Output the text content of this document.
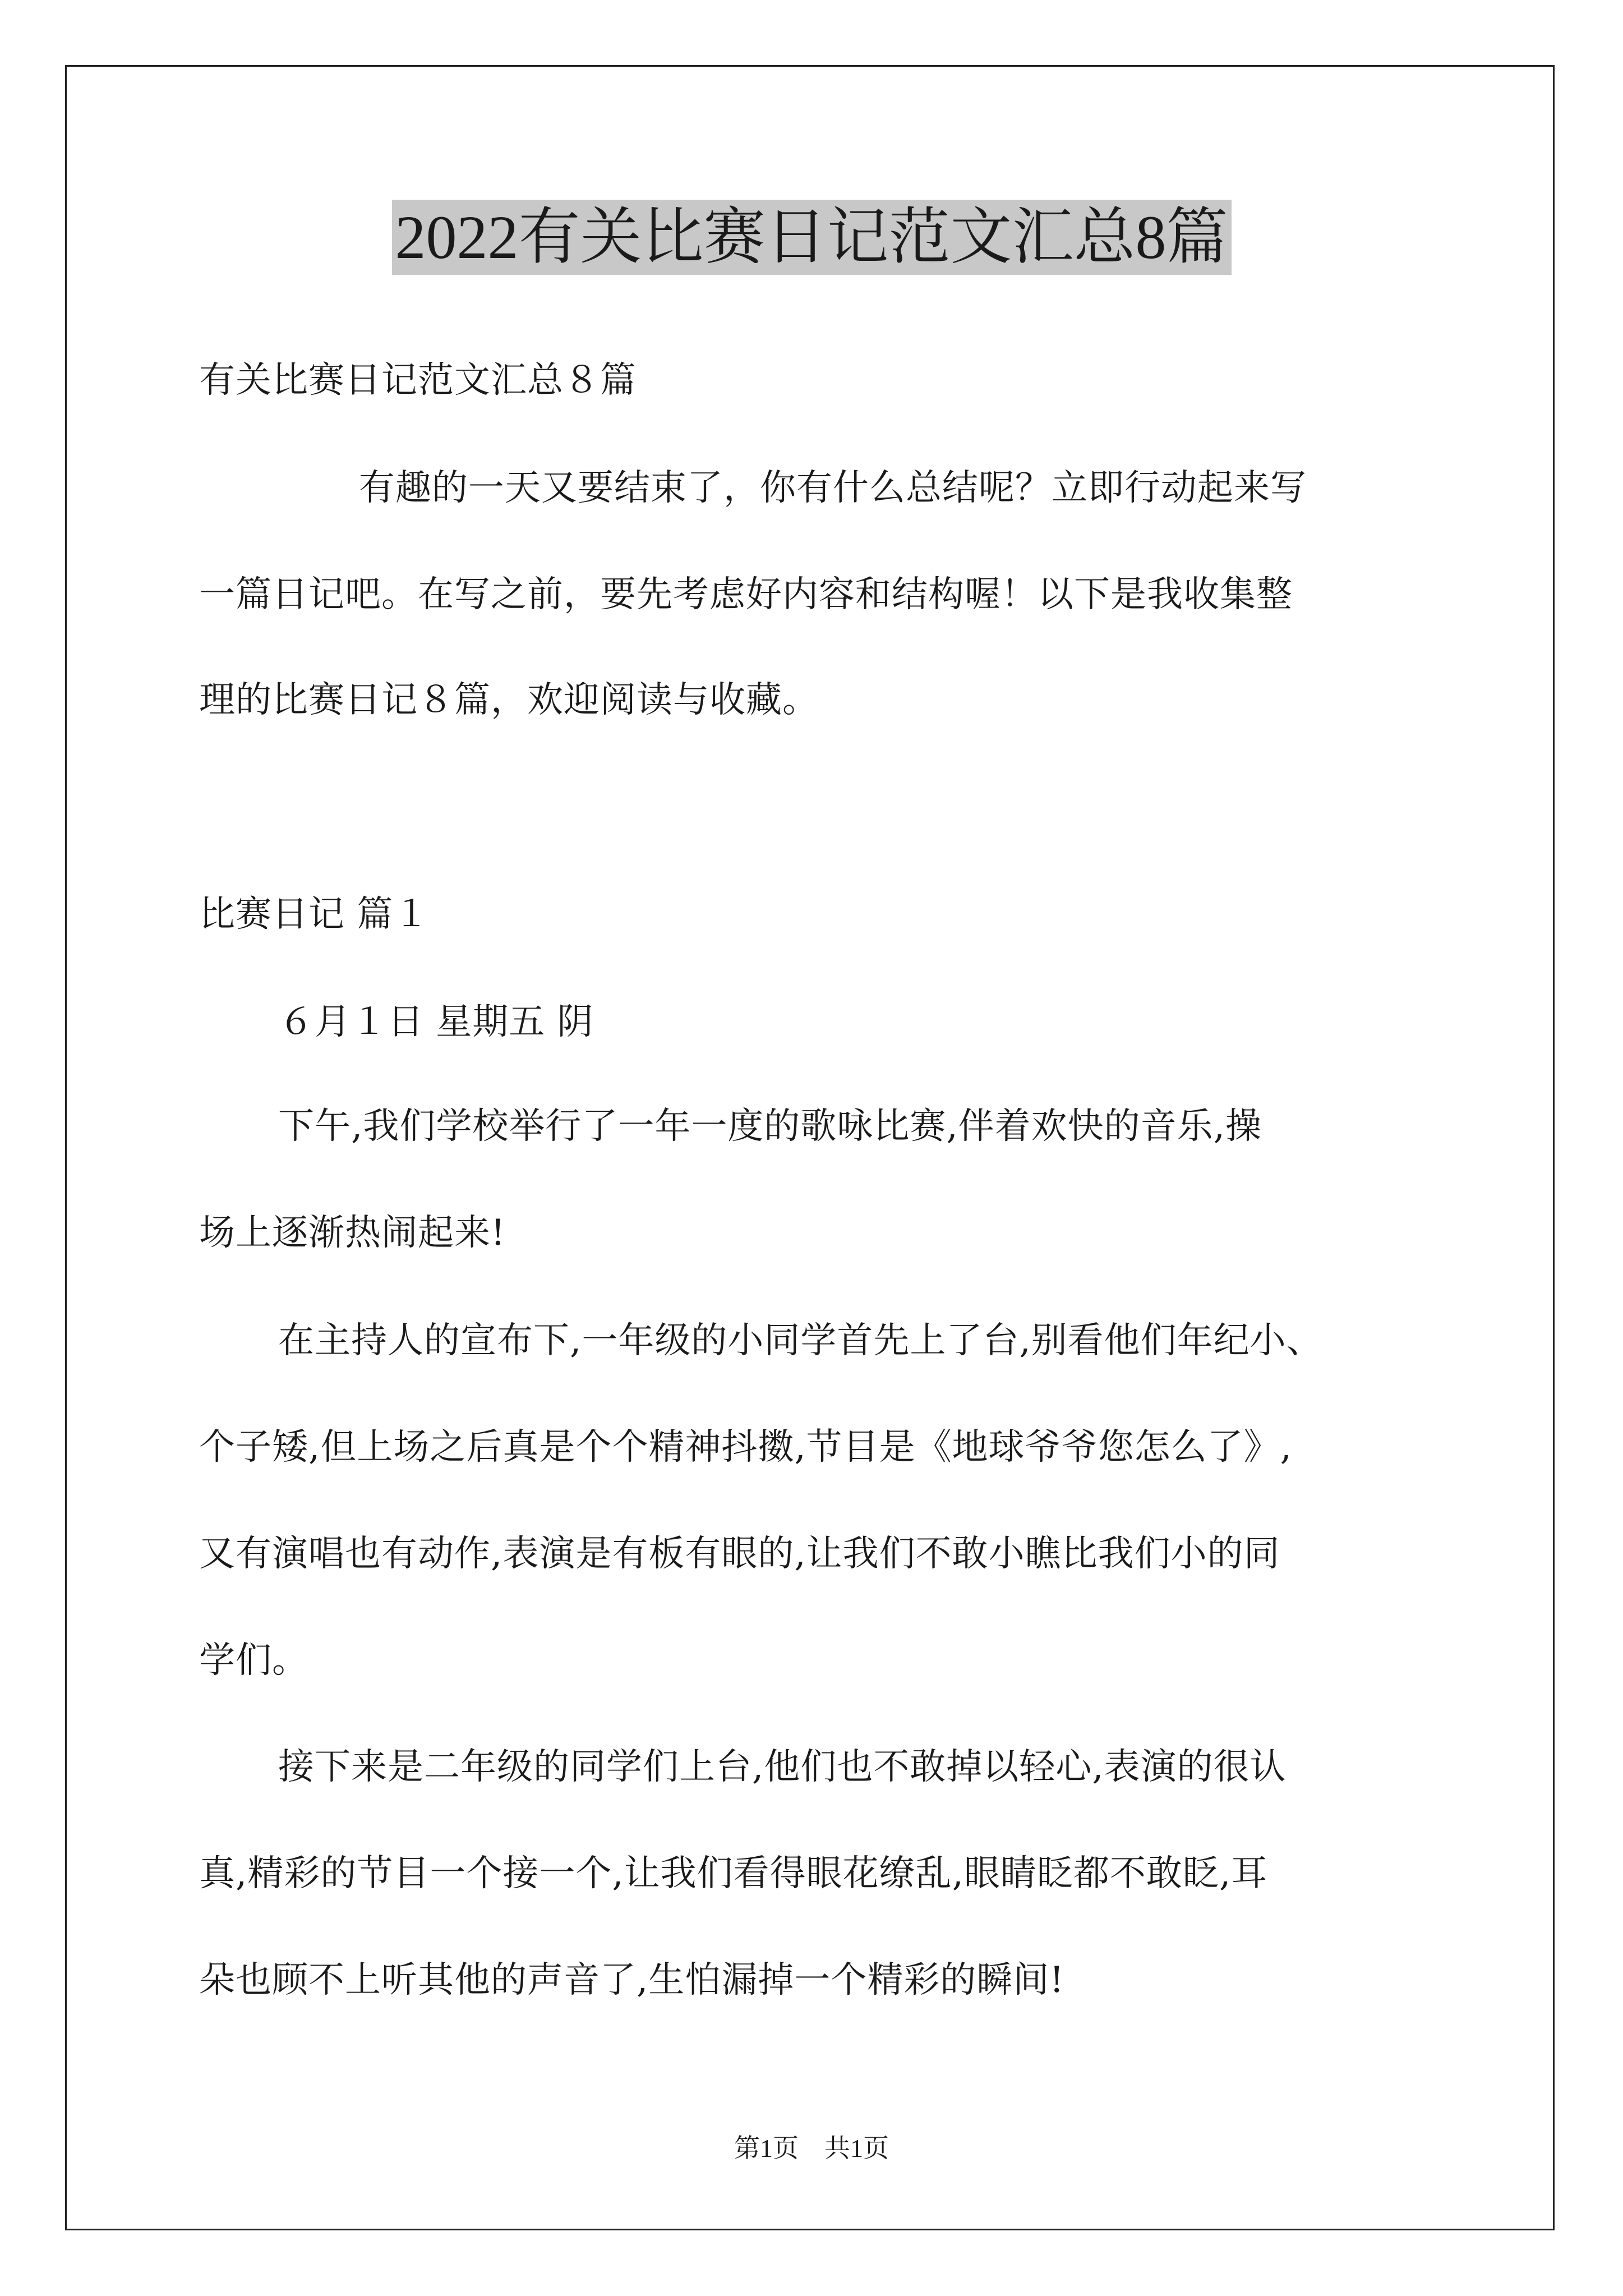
2022有关比赛日记范文汇总8篇
有关比赛日记范文汇总８篇
有趣的一天又要结束了，你有什么总结呢？立即行动起来写
一篇日记吧。在写之前，要先考虑好内容和结构喔！以下是我收集整
理的比赛日记８篇，欢迎阅读与收藏。
比赛日记 篇１
６月１日 星期五 阴
下午,我们学校举行了一年一度的歌咏比赛,伴着欢快的音乐,操
场上逐渐热闹起来!
在主持人的宣布下,一年级的小同学首先上了台,别看他们年纪小、
个子矮,但上场之后真是个个精神抖擞,节目是《地球爷爷您怎么了》,
又有演唱也有动作,表演是有板有眼的,让我们不敢小瞧比我们小的同
学们。
接下来是二年级的同学们上台,他们也不敢掉以轻心,表演的很认
真,精彩的节目一个接一个,让我们看得眼花缭乱,眼睛眨都不敢眨,耳
朵也顾不上听其他的声音了,生怕漏掉一个精彩的瞬间!
第1页　共1页
